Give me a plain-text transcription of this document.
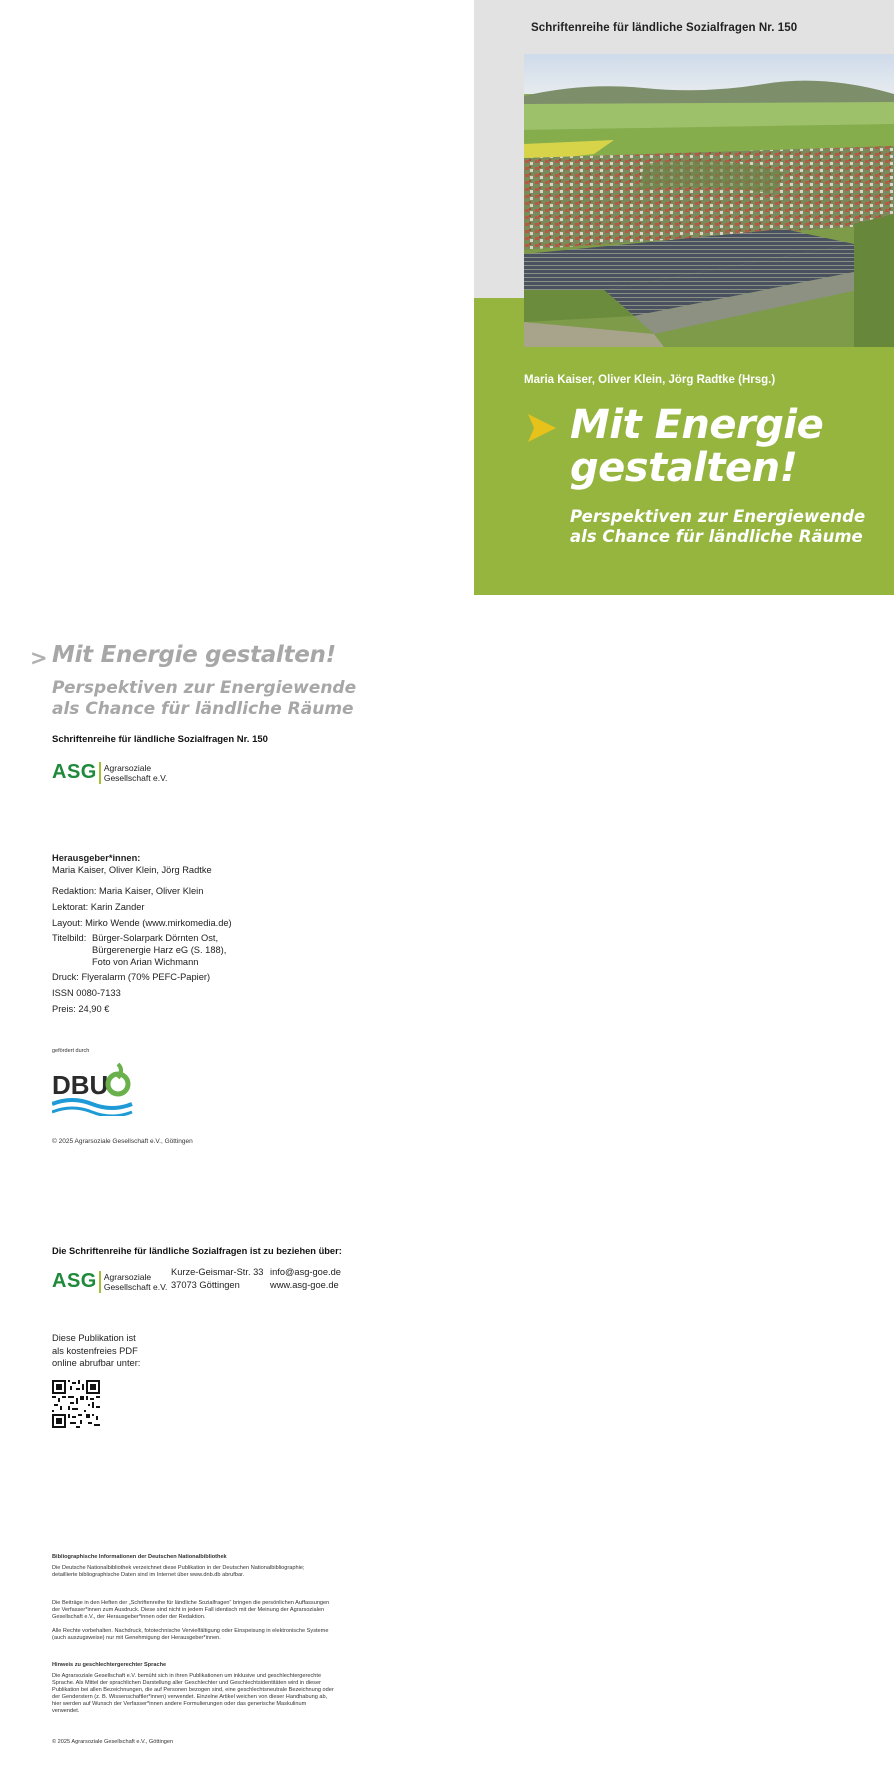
Schriftenreihe für ländliche Sozialfragen Nr. 150
Maria Kaiser, Oliver Klein, Jörg Radtke (Hrsg.)
Mit Energie
gestalten!
Perspektiven zur Energiewende
als Chance für ländliche Räume
> Mit Energie gestalten!
Perspektiven zur Energiewende
als Chance für ländliche Räume
Schriftenreihe für ländliche Sozialfragen Nr. 150
ASG Agrarsoziale
Gesellschaft e.V.
Herausgeber*innen:
Maria Kaiser, Oliver Klein, Jörg Radtke
Redaktion: Maria Kaiser, Oliver Klein
Lektorat: Karin Zander
Layout: Mirko Wende (www.mirkomedia.de)
Titelbild: Bürger-Solarpark Dörnten Ost,
Bürgerenergie Harz eG (S. 188),
Foto von Arian Wichmann
Druck: Flyeralarm (70% PEFC-Papier)
ISSN 0080-7133
Preis: 24,90 €
gefördert durch
DBU
© 2025 Agrarsoziale Gesellschaft e.V., Göttingen
Die Schriftenreihe für ländliche Sozialfragen ist zu beziehen über:
ASG Agrarsoziale
Gesellschaft e.V.
Kurze-Geismar-Str. 33
37073 Göttingen
info@asg-goe.de
www.asg-goe.de
Diese Publikation ist
als kostenfreies PDF
online abrufbar unter:
Bibliographische Informationen der Deutschen Nationalbibliothek
Die Deutsche Nationalbibliothek verzeichnet diese Publikation in der Deutschen Nationalbibliographie;
detaillierte bibliographische Daten sind im Internet über www.dnb.db abrufbar.
Die Beiträge in den Heften der „Schriftenreihe für ländliche Sozialfragen“ bringen die persönlichen Auffassungen
der Verfasser*innen zum Ausdruck. Diese sind nicht in jedem Fall identisch mit der Meinung der Agrarsozialen
Gesellschaft e.V., der Herausgeber*innen oder der Redaktion.
Alle Rechte vorbehalten. Nachdruck, fototechnische Vervielfältigung oder Einspeisung in elektronische Systeme
(auch auszugsweise) nur mit Genehmigung der Herausgeber*innen.
Hinweis zu geschlechtergerechter Sprache
Die Agrarsoziale Gesellschaft e.V. bemüht sich in ihren Publikationen um inklusive und geschlechtergerechte
Sprache. Als Mittel der sprachlichen Darstellung aller Geschlechter und Geschlechtsidentitäten wird in dieser
Publikation bei allen Bezeichnungen, die auf Personen bezogen sind, eine geschlechtsneutrale Bezeichnung oder
der Genderstern (z. B. Wissenschaftler*innen) verwendet. Einzelne Artikel weichen von dieser Handhabung ab,
hier werden auf Wunsch der Verfasser*innen andere Formulierungen oder das generische Maskulinum
verwendet.
© 2025 Agrarsoziale Gesellschaft e.V., Göttingen
